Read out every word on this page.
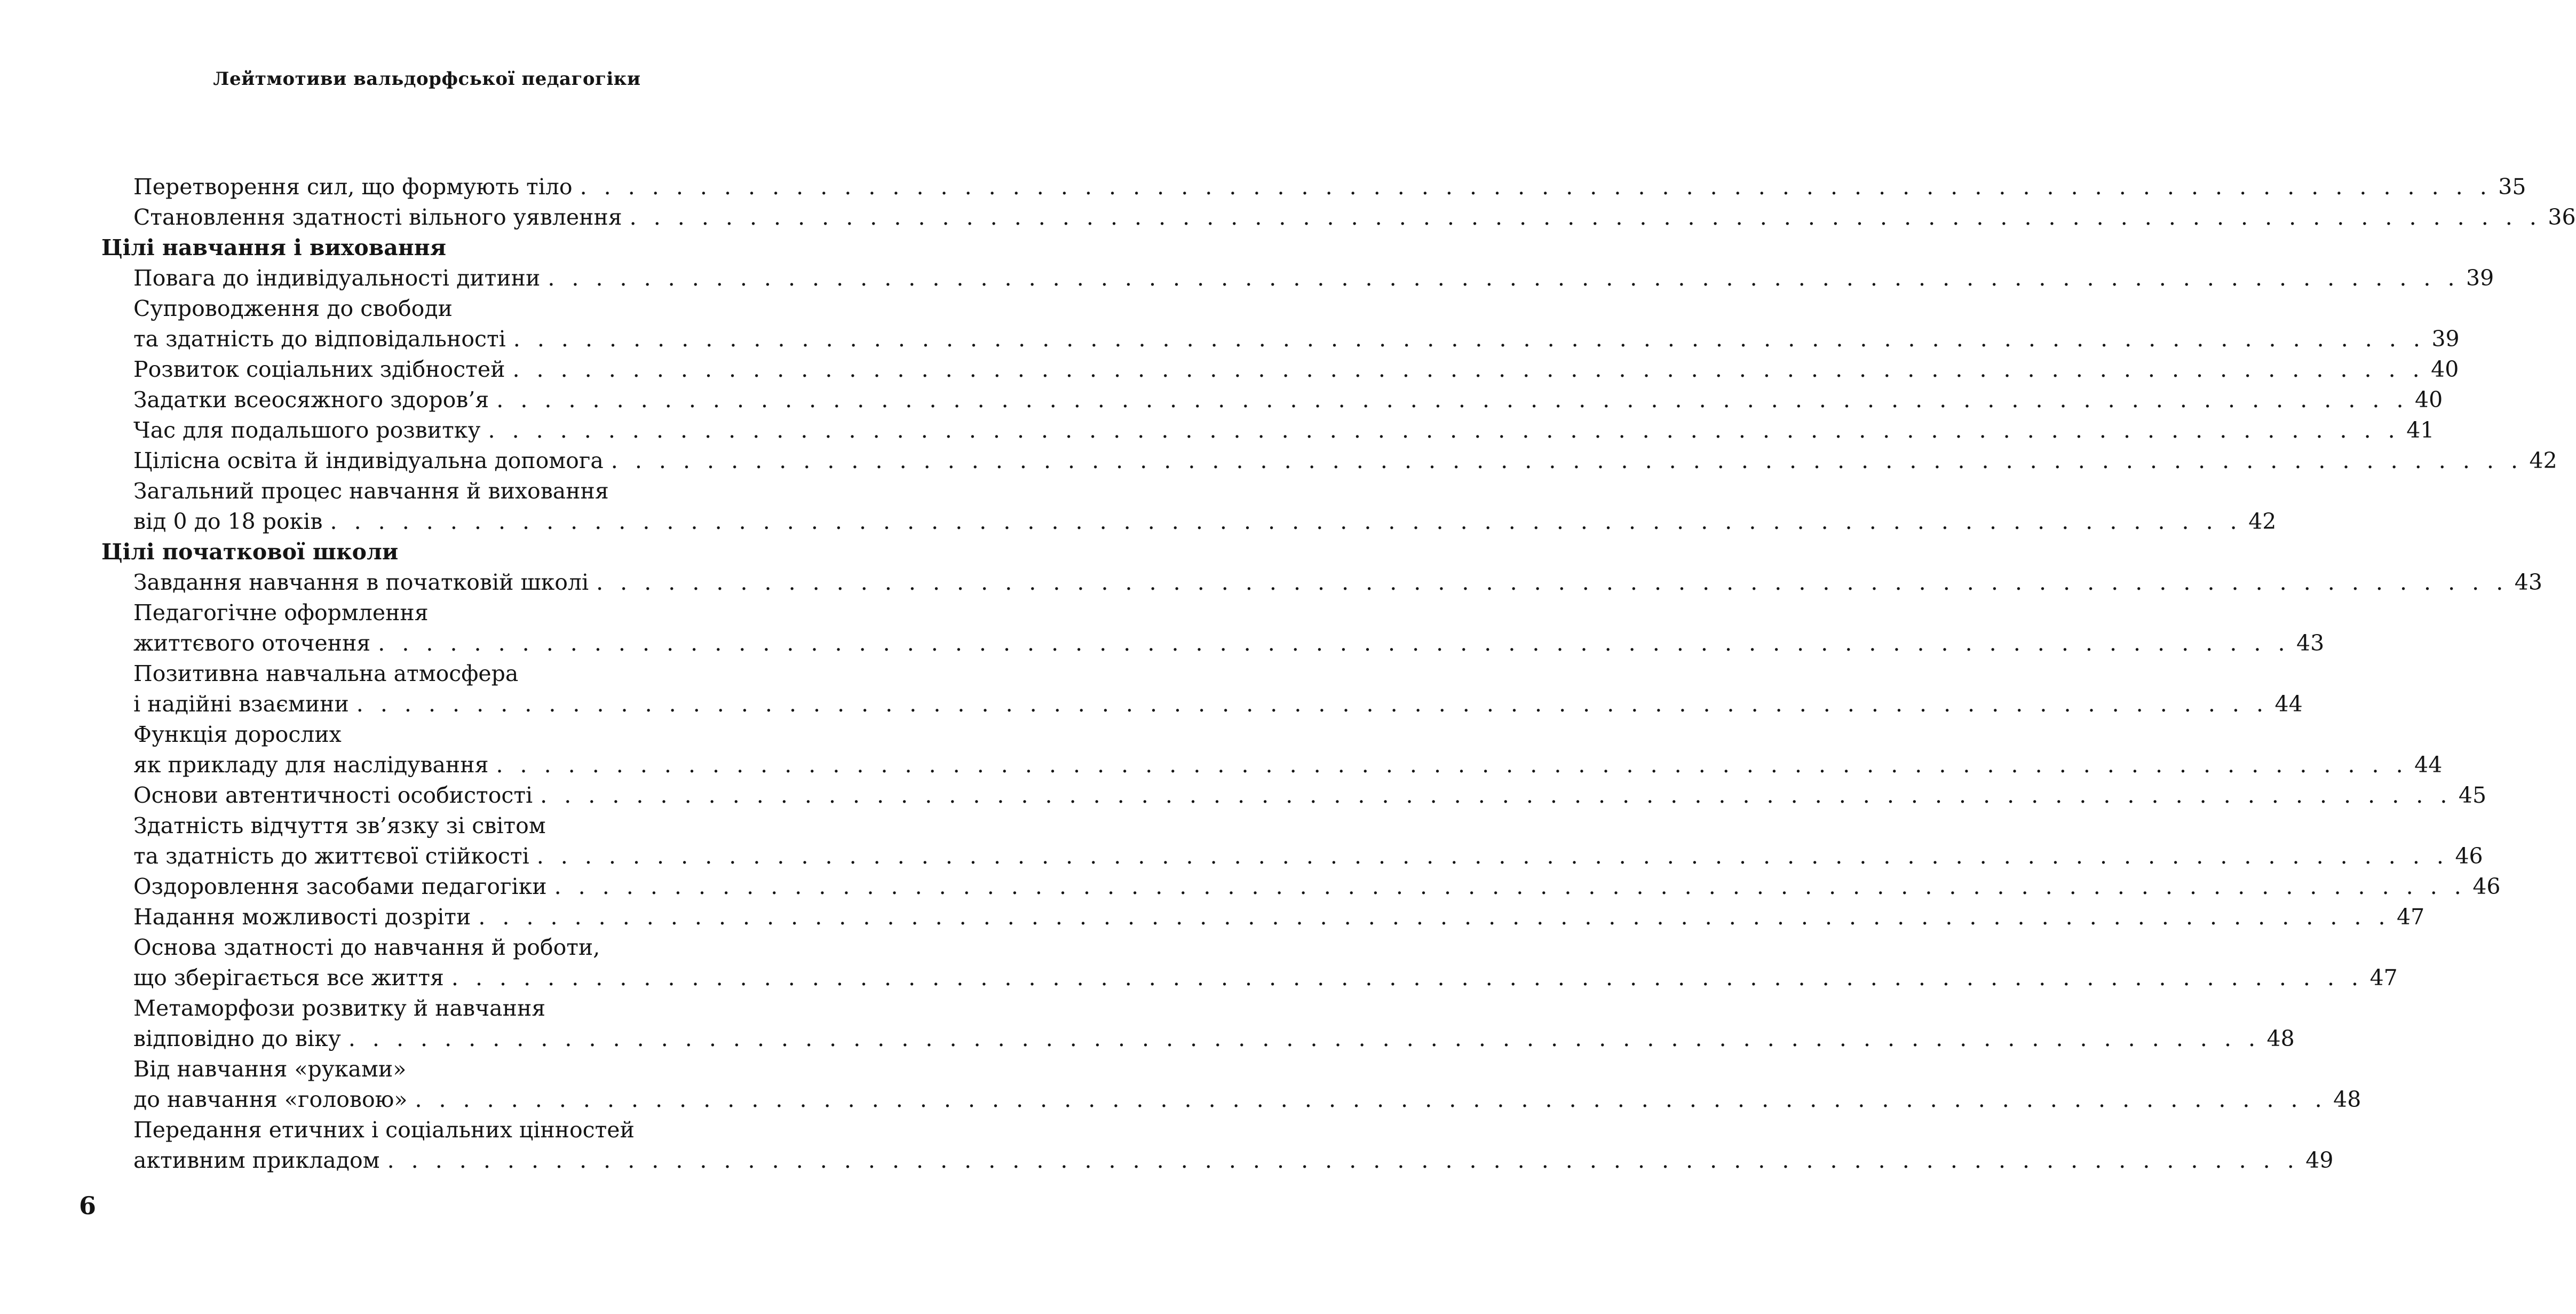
Лейтмотиви вальдорфської педагогіки
Перетворення сил, що формують тіло . . . . . . . . . . . . . . . . . . . . . . . . . . . . . . . . . . . . . . . . . . . . . . . . . . . . . . . . . . . . . . . . . . . . . . . . . . . . . . . . 35
Становлення здатності вільного уявлення . . . . . . . . . . . . . . . . . . . . . . . . . . . . . . . . . . . . . . . . . . . . . . . . . . . . . . . . . . . . . . . . . . . . . . . . . . . . . . . . 36
Цілі навчання і виховання
Повага до індивідуальності дитини . . . . . . . . . . . . . . . . . . . . . . . . . . . . . . . . . . . . . . . . . . . . . . . . . . . . . . . . . . . . . . . . . . . . . . . . . . . . . . . . 39
Супроводження до свободи
та здатність до відповідальності . . . . . . . . . . . . . . . . . . . . . . . . . . . . . . . . . . . . . . . . . . . . . . . . . . . . . . . . . . . . . . . . . . . . . . . . . . . . . . . . 39
Розвиток соціальних здібностей . . . . . . . . . . . . . . . . . . . . . . . . . . . . . . . . . . . . . . . . . . . . . . . . . . . . . . . . . . . . . . . . . . . . . . . . . . . . . . . . 40
Задатки всеосяжного здоров’я . . . . . . . . . . . . . . . . . . . . . . . . . . . . . . . . . . . . . . . . . . . . . . . . . . . . . . . . . . . . . . . . . . . . . . . . . . . . . . . . 40
Час для подальшого розвитку . . . . . . . . . . . . . . . . . . . . . . . . . . . . . . . . . . . . . . . . . . . . . . . . . . . . . . . . . . . . . . . . . . . . . . . . . . . . . . . . 41
Цілісна освіта й індивідуальна допомога . . . . . . . . . . . . . . . . . . . . . . . . . . . . . . . . . . . . . . . . . . . . . . . . . . . . . . . . . . . . . . . . . . . . . . . . . . . . . . . . 42
Загальний процес навчання й виховання
від 0 до 18 років . . . . . . . . . . . . . . . . . . . . . . . . . . . . . . . . . . . . . . . . . . . . . . . . . . . . . . . . . . . . . . . . . . . . . . . . . . . . . . . . 42
Цілі початкової школи
Завдання навчання в початковій школі . . . . . . . . . . . . . . . . . . . . . . . . . . . . . . . . . . . . . . . . . . . . . . . . . . . . . . . . . . . . . . . . . . . . . . . . . . . . . . . . 43
Педагогічне оформлення
життєвого оточення . . . . . . . . . . . . . . . . . . . . . . . . . . . . . . . . . . . . . . . . . . . . . . . . . . . . . . . . . . . . . . . . . . . . . . . . . . . . . . . . 43
Позитивна навчальна атмосфера
і надійні взаємини . . . . . . . . . . . . . . . . . . . . . . . . . . . . . . . . . . . . . . . . . . . . . . . . . . . . . . . . . . . . . . . . . . . . . . . . . . . . . . . . 44
Функція дорослих
як прикладу для наслідування . . . . . . . . . . . . . . . . . . . . . . . . . . . . . . . . . . . . . . . . . . . . . . . . . . . . . . . . . . . . . . . . . . . . . . . . . . . . . . . . 44
Основи автентичності особистості . . . . . . . . . . . . . . . . . . . . . . . . . . . . . . . . . . . . . . . . . . . . . . . . . . . . . . . . . . . . . . . . . . . . . . . . . . . . . . . . 45
Здатність відчуття зв’язку зі світом
та здатність до життєвої стійкості . . . . . . . . . . . . . . . . . . . . . . . . . . . . . . . . . . . . . . . . . . . . . . . . . . . . . . . . . . . . . . . . . . . . . . . . . . . . . . . . 46
Оздоровлення засобами педагогіки . . . . . . . . . . . . . . . . . . . . . . . . . . . . . . . . . . . . . . . . . . . . . . . . . . . . . . . . . . . . . . . . . . . . . . . . . . . . . . . . 46
Надання можливості дозріти . . . . . . . . . . . . . . . . . . . . . . . . . . . . . . . . . . . . . . . . . . . . . . . . . . . . . . . . . . . . . . . . . . . . . . . . . . . . . . . . 47
Основа здатності до навчання й роботи,
що зберігається все життя . . . . . . . . . . . . . . . . . . . . . . . . . . . . . . . . . . . . . . . . . . . . . . . . . . . . . . . . . . . . . . . . . . . . . . . . . . . . . . . . 47
Метаморфози розвитку й навчання
відповідно до віку . . . . . . . . . . . . . . . . . . . . . . . . . . . . . . . . . . . . . . . . . . . . . . . . . . . . . . . . . . . . . . . . . . . . . . . . . . . . . . . . 48
Від навчання «руками»
до навчання «головою» . . . . . . . . . . . . . . . . . . . . . . . . . . . . . . . . . . . . . . . . . . . . . . . . . . . . . . . . . . . . . . . . . . . . . . . . . . . . . . . . 48
Передання етичних і соціальних цінностей
активним прикладом . . . . . . . . . . . . . . . . . . . . . . . . . . . . . . . . . . . . . . . . . . . . . . . . . . . . . . . . . . . . . . . . . . . . . . . . . . . . . . . . 49
6
